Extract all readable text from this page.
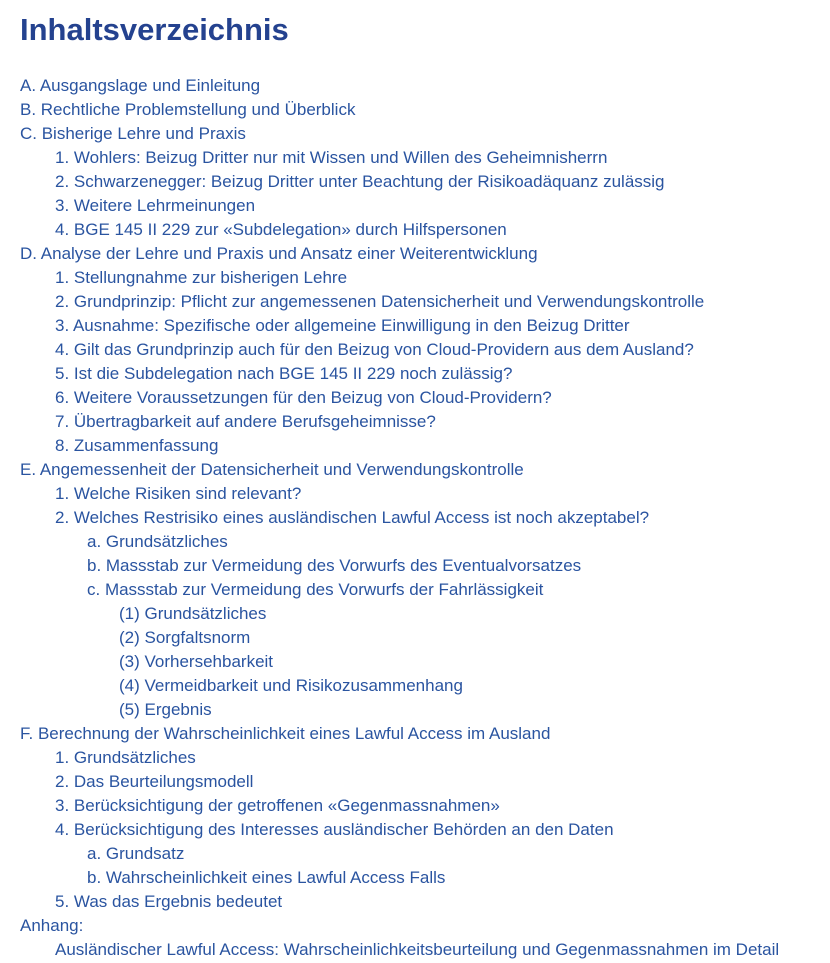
Inhaltsverzeichnis
A. Ausgangslage und Einleitung
B. Rechtliche Problemstellung und Überblick
C. Bisherige Lehre und Praxis
1. Wohlers: Beizug Dritter nur mit Wissen und Willen des Geheimnisherrn
2. Schwarzenegger: Beizug Dritter unter Beachtung der Risikoadäquanz zulässig
3. Weitere Lehrmeinungen
4. BGE 145 II 229 zur «Subdelegation» durch Hilfspersonen
D. Analyse der Lehre und Praxis und Ansatz einer Weiterentwicklung
1. Stellungnahme zur bisherigen Lehre
2. Grundprinzip: Pflicht zur angemessenen Datensicherheit und Verwendungskontrolle
3. Ausnahme: Spezifische oder allgemeine Einwilligung in den Beizug Dritter
4. Gilt das Grundprinzip auch für den Beizug von Cloud-Providern aus dem Ausland?
5. Ist die Subdelegation nach BGE 145 II 229 noch zulässig?
6. Weitere Voraussetzungen für den Beizug von Cloud-Providern?
7. Übertragbarkeit auf andere Berufsgeheimnisse?
8. Zusammenfassung
E. Angemessenheit der Datensicherheit und Verwendungskontrolle
1. Welche Risiken sind relevant?
2. Welches Restrisiko eines ausländischen Lawful Access ist noch akzeptabel?
a. Grundsätzliches
b. Massstab zur Vermeidung des Vorwurfs des Eventualvorsatzes
c. Massstab zur Vermeidung des Vorwurfs der Fahrlässigkeit
(1) Grundsätzliches
(2) Sorgfaltsnorm
(3) Vorhersehbarkeit
(4) Vermeidbarkeit und Risikozusammenhang
(5) Ergebnis
F. Berechnung der Wahrscheinlichkeit eines Lawful Access im Ausland
1. Grundsätzliches
2. Das Beurteilungsmodell
3. Berücksichtigung der getroffenen «Gegenmassnahmen»
4. Berücksichtigung des Interesses ausländischer Behörden an den Daten
a. Grundsatz
b. Wahrscheinlichkeit eines Lawful Access Falls
5. Was das Ergebnis bedeutet
Anhang:
Ausländischer Lawful Access: Wahrscheinlichkeitsbeurteilung und Gegenmassnahmen im Detail
